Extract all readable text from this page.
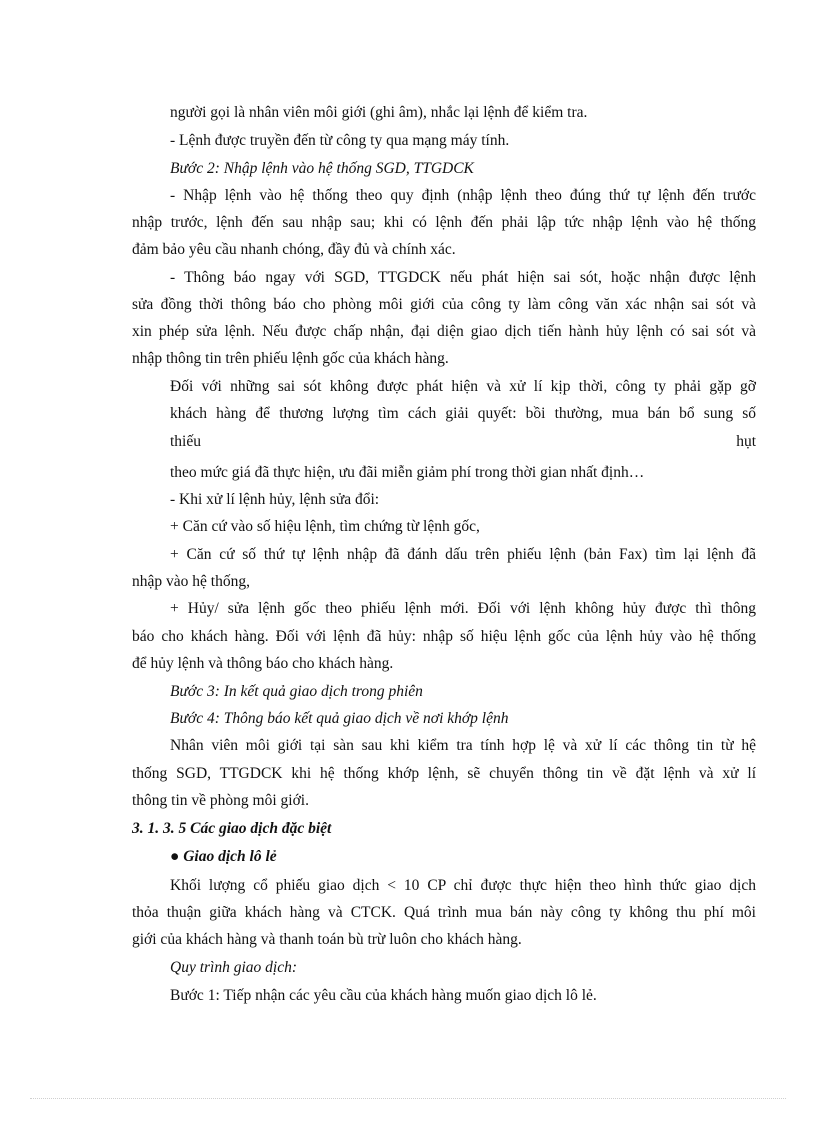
người gọi là nhân viên môi giới (ghi âm), nhắc lại lệnh để kiểm tra.
- Lệnh được truyền đến từ công ty qua mạng máy tính.
Bước 2: Nhập lệnh vào hệ thống SGD, TTGDCK
- Nhập lệnh vào hệ thống theo quy định (nhập lệnh theo đúng thứ tự lệnh đến trước
nhập trước, lệnh đến sau nhập sau; khi có lệnh đến phải lập tức nhập lệnh vào hệ thống
đảm bảo yêu cầu nhanh chóng, đầy đủ và chính xác.
- Thông báo ngay với SGD, TTGDCK nếu phát hiện sai sót, hoặc nhận được lệnh
sửa đồng thời thông báo cho phòng môi giới của công ty làm công văn xác nhận sai sót và
xin phép sửa lệnh. Nếu được chấp nhận, đại diện giao dịch tiến hành hủy lệnh có sai sót và
nhập thông tin trên phiếu lệnh gốc của khách hàng.
Đối với những sai sót không được phát hiện và xử lí kịp thời, công ty phải gặp gỡ
khách hàng để thương lượng tìm cách giải quyết: bồi thường, mua bán bổ sung số
thiếu	hụt
theo mức giá đã thực hiện, ưu đãi miễn giảm phí trong thời gian nhất định…
- Khi xử lí lệnh hủy, lệnh sửa đổi:
+ Căn cứ vào số hiệu lệnh, tìm chứng từ lệnh gốc,
+ Căn cứ số thứ tự lệnh nhập đã đánh dấu trên phiếu lệnh (bản Fax) tìm lại lệnh đã
nhập vào hệ thống,
+ Hủy/ sửa lệnh gốc theo phiếu lệnh mới. Đối với lệnh không hủy được thì thông
báo cho khách hàng. Đối với lệnh đã hủy: nhập số hiệu lệnh gốc của lệnh hủy vào hệ thống
để hủy lệnh và thông báo cho khách hàng.
Bước 3: In kết quả giao dịch trong phiên
Bước 4: Thông báo kết quả giao dịch về nơi khớp lệnh
Nhân viên môi giới tại sàn sau khi kiểm tra tính hợp lệ và xử lí các thông tin từ hệ
thống SGD, TTGDCK khi hệ thống khớp lệnh, sẽ chuyển thông tin về đặt lệnh và xử lí
thông tin về phòng môi giới.
3. 1. 3. 5 Các giao dịch đặc biệt
● Giao dịch lô lẻ
Khối lượng cổ phiếu giao dịch < 10 CP chỉ được thực hiện theo hình thức giao dịch
thỏa thuận giữa khách hàng và CTCK. Quá trình mua bán này công ty không thu phí môi
giới của khách hàng và thanh toán bù trừ luôn cho khách hàng.
Quy trình giao dịch:
Bước 1: Tiếp nhận các yêu cầu của khách hàng muốn giao dịch lô lẻ.
